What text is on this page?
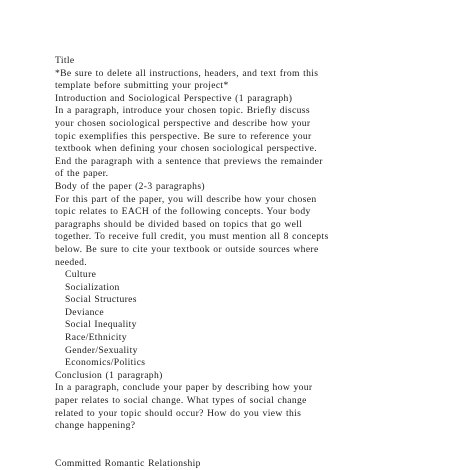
Title

*Be sure to delete all instructions, headers, and text from this

template before submitting your project*

Introduction and Sociological Perspective (1 paragraph)

In a paragraph, introduce your chosen topic. Briefly discuss

your chosen sociological perspective and describe how your

topic exemplifies this perspective. Be sure to reference your

textbook when defining your chosen sociological perspective.

End the paragraph with a sentence that previews the remainder

of the paper.

Body of the paper (2-3 paragraphs)

For this part of the paper, you will describe how your chosen

topic relates to EACH of the following concepts. Your body

paragraphs should be divided based on topics that go well

together. To receive full credit, you must mention all 8 concepts

below. Be sure to cite your textbook or outside sources where

needed.

Culture

Socialization

Social Structures

Deviance

Social Inequality

Race/Ethnicity

Gender/Sexuality

Economics/Politics

Conclusion (1 paragraph)

In a paragraph, conclude your paper by describing how your

paper relates to social change. What types of social change

related to your topic should occur? How do you view this

change happening?

Committed Romantic Relationship
